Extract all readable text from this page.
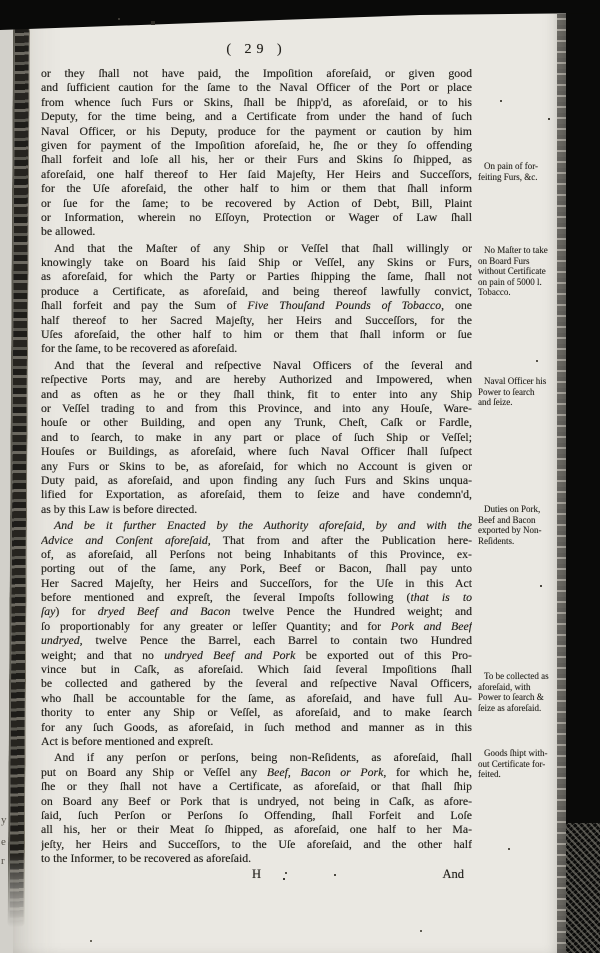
y
e
r
( 29 )
or they ſhall not have paid, the Impoſition aforeſaid, or given good
and ſufficient caution for the ſame to the Naval Officer of the Port or place
from whence ſuch Furs or Skins, ſhall be ſhipp'd, as aforeſaid, or to his
Deputy, for the time being, and a Certificate from under the hand of ſuch
Naval Officer, or his Deputy, produce for the payment or caution by him
given for payment of the Impoſition aforeſaid, he, ſhe or they ſo offending
ſhall forfeit and loſe all his, her or their Furs and Skins ſo ſhipped, as
aforeſaid, one half thereof to Her ſaid Majeſty, Her Heirs and Succeſſors,
for the Uſe aforeſaid, the other half to him or them that ſhall inform
or ſue for the ſame; to be recovered by Action of Debt, Bill, Plaint
or Information, wherein no Eſſoyn, Protection or Wager of Law ſhall
be allowed.
And that the Maſter of any Ship or Veſſel that ſhall willingly or
knowingly take on Board his ſaid Ship or Veſſel, any Skins or Furs,
as aforeſaid, for which the Party or Parties ſhipping the ſame, ſhall not
produce a Certificate, as aforeſaid, and being thereof lawfully convict,
ſhall forfeit and pay the Sum of Five Thouſand Pounds of Tobacco, one
half thereof to her Sacred Majeſty, her Heirs and Succeſſors, for the
Uſes aforeſaid, the other half to him or them that ſhall inform or ſue
for the ſame, to be recovered as aforeſaid.
And that the ſeveral and reſpective Naval Officers of the ſeveral and
reſpective Ports may, and are hereby Authorized and Impowered, when
and as often as he or they ſhall think, fit to enter into any Ship
or Veſſel trading to and from this Province, and into any Houſe, Ware-
houſe or other Building, and open any Trunk, Cheſt, Caſk or Fardle,
and to ſearch, to make in any part or place of ſuch Ship or Veſſel;
Houſes or Buildings, as aforeſaid, where ſuch Naval Officer ſhall ſuſpect
any Furs or Skins to be, as aforeſaid, for which no Account is given or
Duty paid, as aforeſaid, and upon finding any ſuch Furs and Skins unqua-
lified for Exportation, as aforeſaid, them to ſeize and have condemn'd,
as by this Law is before directed.
And be it further Enacted by the Authority aforeſaid, by and with the
Advice and Conſent aforeſaid, That from and after the Publication here-
of, as aforeſaid, all Perſons not being Inhabitants of this Province, ex-
porting out of the ſame, any Pork, Beef or Bacon, ſhall pay unto
Her Sacred Majeſty, her Heirs and Succeſſors, for the Uſe in this Act
before mentioned and expreſt, the ſeveral Impoſts following (that is to
ſay) for dryed Beef and Bacon twelve Pence the Hundred weight; and
ſo proportionably for any greater or leſſer Quantity; and for Pork and Beef
undryed, twelve Pence the Barrel, each Barrel to contain two Hundred
weight; and that no undryed Beef and Pork be exported out of this Pro-
vince but in Caſk, as aforeſaid. Which ſaid ſeveral Impoſitions ſhall
be collected and gathered by the ſeveral and reſpective Naval Officers,
who ſhall be accountable for the ſame, as aforeſaid, and have full Au-
thority to enter any Ship or Veſſel, as aforeſaid, and to make ſearch
for any ſuch Goods, as aforeſaid, in ſuch method and manner as in this
Act is before mentioned and expreſt.
And if any perſon or perſons, being non-Reſidents, as aforeſaid, ſhall
put on Board any Ship or Veſſel any Beef, Bacon or Pork, for which he,
ſhe or they ſhall not have a Certificate, as aforeſaid, or that ſhall ſhip
on Board any Beef or Pork that is undryed, not being in Caſk, as afore-
ſaid, ſuch Perſon or Perſons ſo Offending, ſhall Forfeit and Loſe
all his, her or their Meat ſo ſhipped, as aforeſaid, one half to her Ma-
jeſty, her Heirs and Succeſſors, to the Uſe aforeſaid, and the other half
to the Informer, to be recovered as aforeſaid.
H	And
On pain of for-
feiting Furs, &c.
No Maſter to take
on Board Furs
without Certificate
on pain of 5000 l.
Tobacco.
Naval Officer his
Power to ſearch
and ſeize.
Duties on Pork,
Beef and Bacon
exported by Non-
Reſidents.
To be collected as
aforeſaid, with
Power to ſearch &
ſeize as aforeſaid.
Goods ſhipt with-
out Certificate for-
feited.
